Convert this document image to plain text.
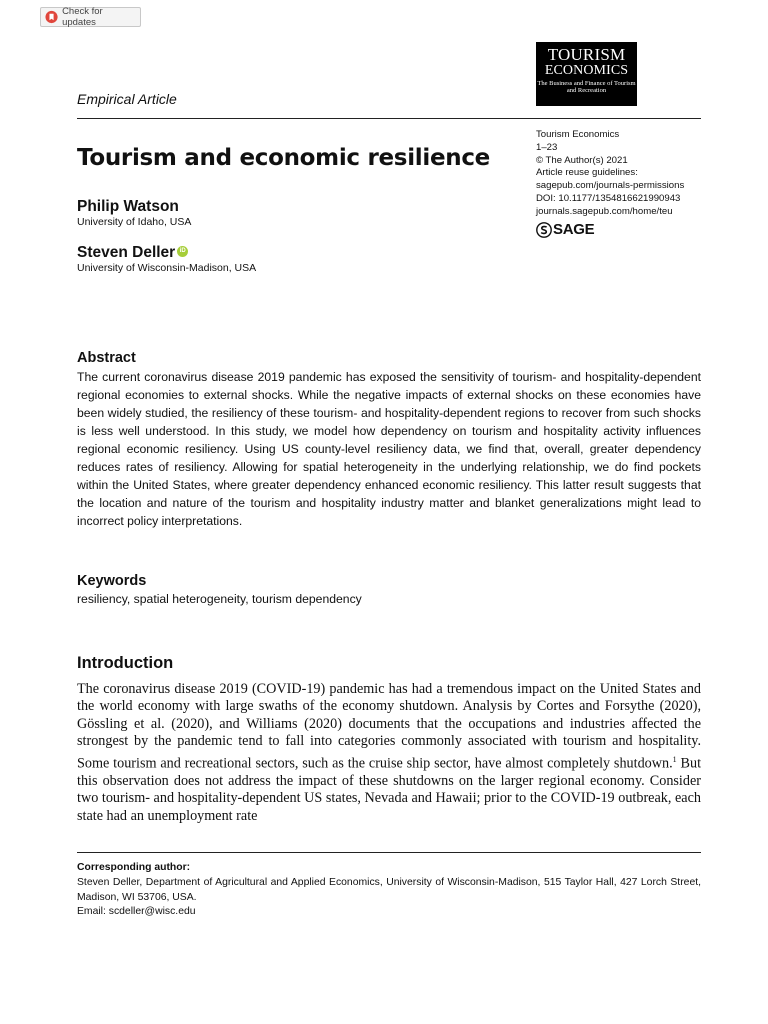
Check for updates
TOURISM
ECONOMICS
The Business and Finance of Tourism and Recreation
Empirical Article
Tourism and economic resilience
Tourism Economics
1–23
© The Author(s) 2021
Article reuse guidelines:
sagepub.com/journals-permissions
DOI: 10.1177/1354816621990943
journals.sagepub.com/home/teu
SAGE
Philip Watson
University of Idaho, USA
Steven Deller iD
University of Wisconsin-Madison, USA
Abstract

The current coronavirus disease 2019 pandemic has exposed the sensitivity of tourism- and hospitality-dependent regional economies to external shocks. While the negative impacts of external shocks on these economies have been widely studied, the resiliency of these tourism- and hospitality-dependent regions to recover from such shocks is less well understood. In this study, we model how dependency on tourism and hospitality activity influences regional economic resiliency. Using US county-level resiliency data, we find that, overall, greater dependency reduces rates of resiliency. Allowing for spatial heterogeneity in the underlying relationship, we do find pockets within the United States, where greater dependency enhanced economic resiliency. This latter result suggests that the location and nature of the tourism and hospitality industry matter and blanket generalizations might lead to incorrect policy interpretations.

Keywords
resiliency, spatial heterogeneity, tourism dependency
Introduction

The coronavirus disease 2019 (COVID-19) pandemic has had a tremendous impact on the United States and the world economy with large swaths of the economy shutdown. Analysis by Cortes and Forsythe (2020), Gössling et al. (2020), and Williams (2020) documents that the occupations and industries affected the strongest by the pandemic tend to fall into categories commonly associated with tourism and hospitality. Some tourism and recreational sectors, such as the cruise ship sector, have almost completely shutdown.$^1$ But this observation does not address the impact of these shutdowns on the larger regional economy. Consider two tourism- and hospitality-dependent US states, Nevada and Hawaii; prior to the COVID-19 outbreak, each state had an unemployment rate

Corresponding author:
Steven Deller, Department of Agricultural and Applied Economics, University of Wisconsin-Madison, 515 Taylor Hall, 427 Lorch Street, Madison, WI 53706, USA.
Email: scdeller@wisc.edu
